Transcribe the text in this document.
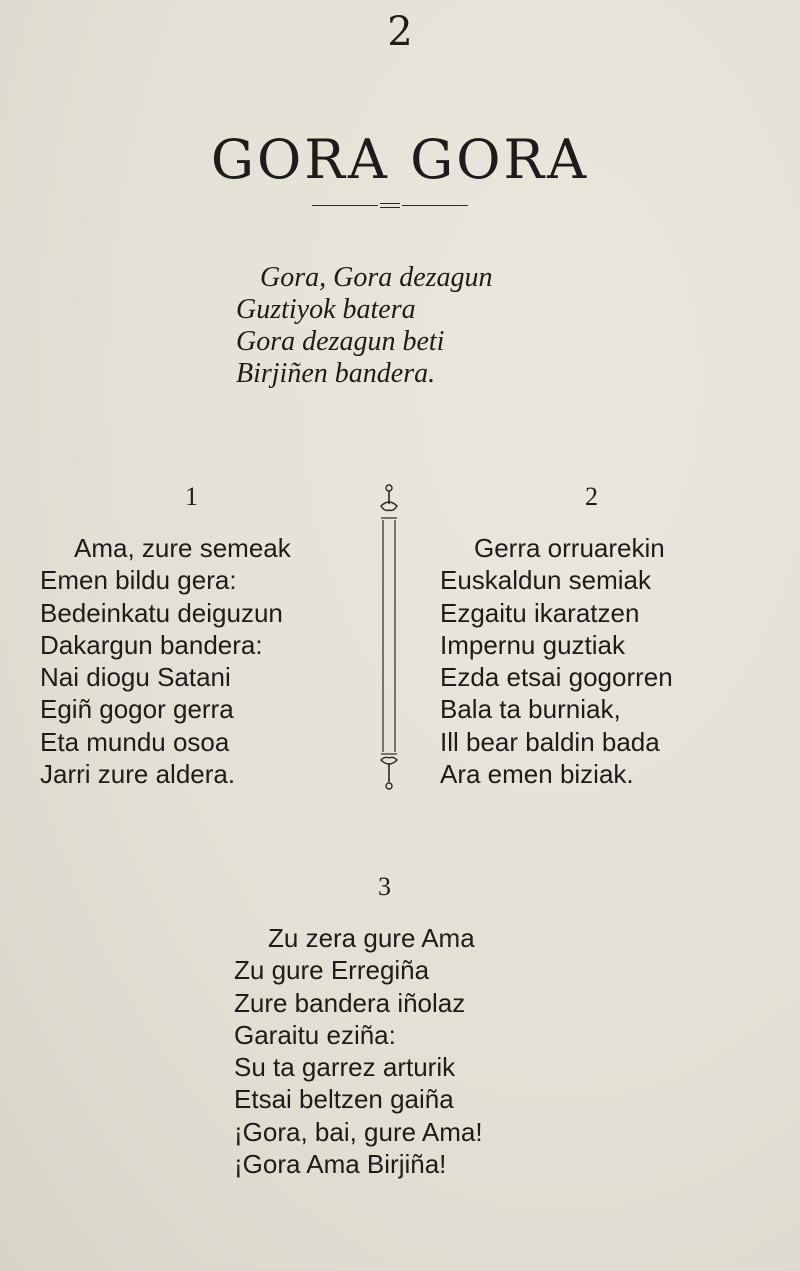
2
GORA GORA
Gora, Gora dezagun
Guztiyok batera
Gora dezagun beti
Birjiñen bandera.
1
Ama, zure semeak
Emen bildu gera:
Bedeinkatu deiguzun
Dakargun bandera:
Nai diogu Satani
Egiñ gogor gerra
Eta mundu osoa
Jarri zure aldera.
2
Gerra orruarekin
Euskaldun semiak
Ezgaitu ikaratzen
Impernu guztiak
Ezda etsai gogorren
Bala ta burniak,
Ill bear baldin bada
Ara emen biziak.
3
Zu zera gure Ama
Zu gure Erregiña
Zure bandera iñolaz
Garaitu eziña:
Su ta garrez arturik
Etsai beltzen gaiña
¡Gora, bai, gure Ama!
¡Gora Ama Birjiña!
